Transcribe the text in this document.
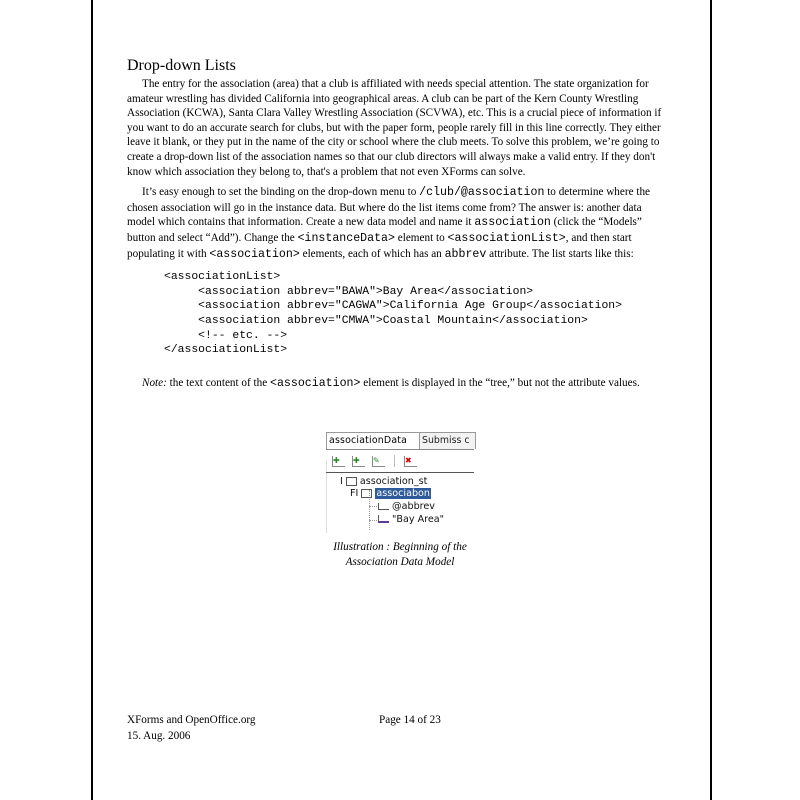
Drop-down Lists

The entry for the association (area) that a club is affiliated with needs special attention. The state organization for amateur wrestling has divided California into geographical areas. A club can be part of the Kern County Wrestling Association (KCWA), Santa Clara Valley Wrestling Association (SCVWA), etc. This is a crucial piece of information if you want to do an accurate search for clubs, but with the paper form, people rarely fill in this line correctly. They either leave it blank, or they put in the name of the city or school where the club meets. To solve this problem, we’re going to create a drop-down list of the association names so that our club directors will always make a valid entry. If they don't know which association they belong to, that's a problem that not even XForms can solve.

It’s easy enough to set the binding on the drop-down menu to /club/@association to determine where the chosen association will go in the instance data. But where do the list items come from? The answer is: another data model which contains that information. Create a new data model and name it association (click the “Models” button and select “Add”). Change the <instanceData> element to <associationList>, and then start populating it with <association> elements, each of which has an abbrev attribute. The list starts like this:

<associationList>
<association abbrev="BAWA">Bay Area</association>
<association abbrev="CAGWA">California Age Group</association>
<association abbrev="CMWA">Coastal Mountain</association>
<!-- etc. -->
</associationList>

Note: the text content of the <association> element is displayed in the “tree,” but not the attribute values.

associationData	Submiss c
✚	✚	✎	✖
I association_st
FI associabon
@abbrev
"Bay Area"
Illustration : Beginning of the
Association Data Model
XForms and OpenOffice.org
15. Aug. 2006
Page 14 of 23
